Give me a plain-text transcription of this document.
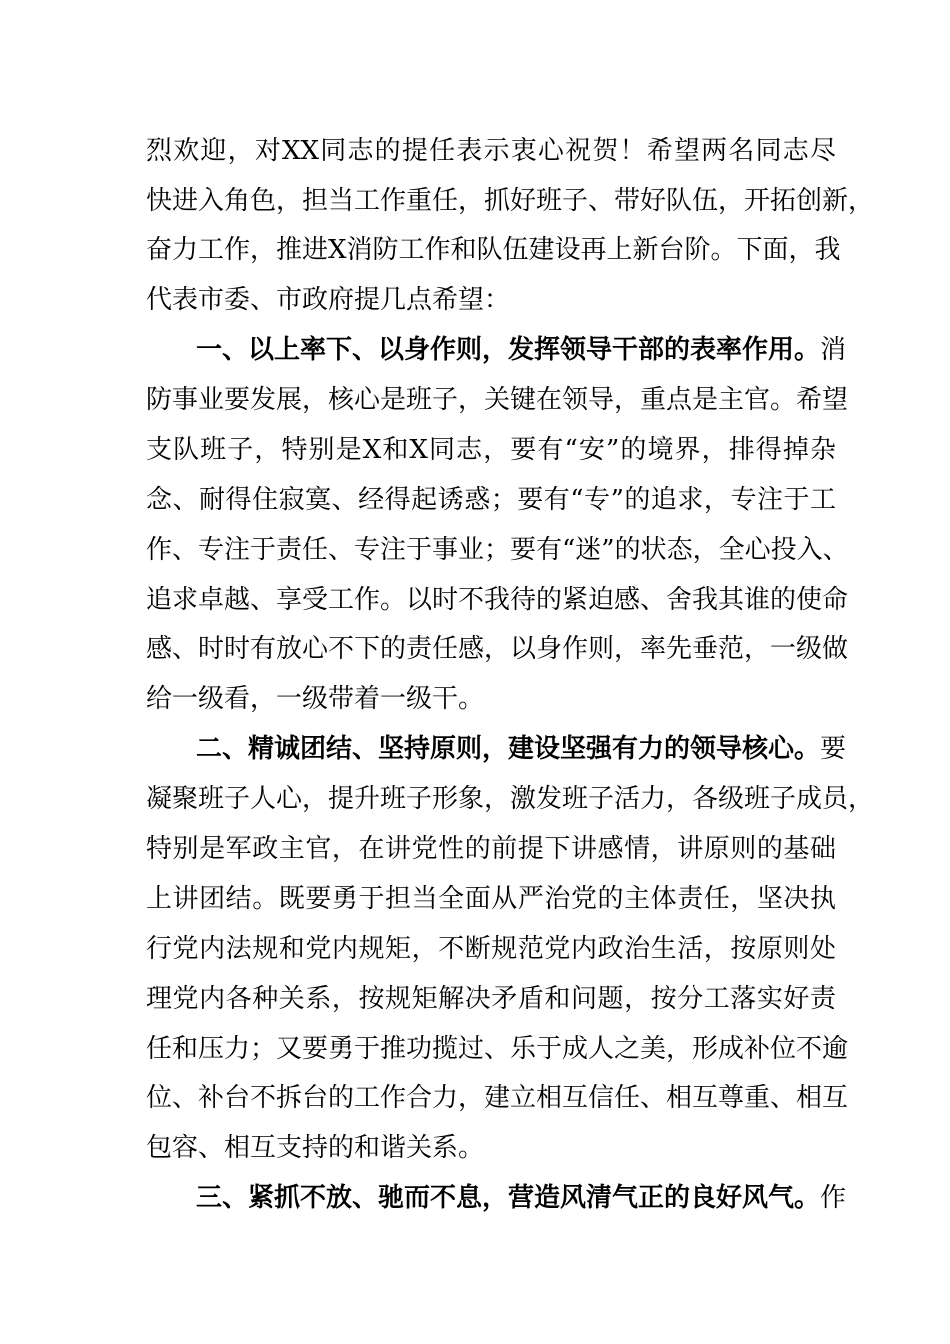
烈欢迎，对XX同志的提任表示衷心祝贺！希望两名同志尽
快进入角色，担当工作重任，抓好班子、带好队伍，开拓创新，
奋力工作，推进X消防工作和队伍建设再上新台阶。下面，我
代表市委、市政府提几点希望：
一、以上率下、以身作则，发挥领导干部的表率作用。消
防事业要发展，核心是班子，关键在领导，重点是主官。希望
支队班子，特别是X和X同志，要有“安”的境界，排得掉杂
念、耐得住寂寞、经得起诱惑；要有“专”的追求，专注于工
作、专注于责任、专注于事业；要有“迷”的状态，全心投入、
追求卓越、享受工作。以时不我待的紧迫感、舍我其谁的使命
感、时时有放心不下的责任感，以身作则，率先垂范，一级做
给一级看，一级带着一级干。
二、精诚团结、坚持原则，建设坚强有力的领导核心。要
凝聚班子人心，提升班子形象，激发班子活力，各级班子成员，
特别是军政主官，在讲党性的前提下讲感情，讲原则的基础
上讲团结。既要勇于担当全面从严治党的主体责任，坚决执
行党内法规和党内规矩，不断规范党内政治生活，按原则处
理党内各种关系，按规矩解决矛盾和问题，按分工落实好责
任和压力；又要勇于推功揽过、乐于成人之美，形成补位不逾
位、补台不拆台的工作合力，建立相互信任、相互尊重、相互
包容、相互支持的和谐关系。
三、紧抓不放、驰而不息，营造风清气正的良好风气。作
